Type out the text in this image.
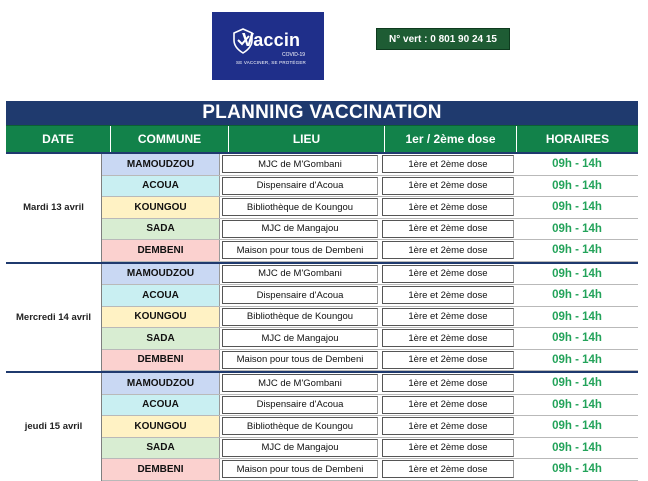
Vaccin
COVID-19
SE VACCINER, SE PROTÉGER
N° vert : 0 801 90 24 15
PLANNING VACCINATION
DATE	COMMUNE	LIEU	1er / 2ème dose	HORAIRES
Mardi 13 avril
MAMOUDZOU	MJC de M'Gombani	1ère et 2ème dose	09h - 14h
ACOUA	Dispensaire d'Acoua	1ère et 2ème dose	09h - 14h
KOUNGOU	Bibliothèque de Koungou	1ère et 2ème dose	09h - 14h
SADA	MJC de Mangajou	1ère et 2ème dose	09h - 14h
DEMBENI	Maison pour tous de Dembeni	1ère et 2ème dose	09h - 14h
Mercredi 14 avril
MAMOUDZOU	MJC de M'Gombani	1ère et 2ème dose	09h - 14h
ACOUA	Dispensaire d'Acoua	1ère et 2ème dose	09h - 14h
KOUNGOU	Bibliothèque de Koungou	1ère et 2ème dose	09h - 14h
SADA	MJC de Mangajou	1ère et 2ème dose	09h - 14h
DEMBENI	Maison pour tous de Dembeni	1ère et 2ème dose	09h - 14h
jeudi 15 avril
MAMOUDZOU	MJC de M'Gombani	1ère et 2ème dose	09h - 14h
ACOUA	Dispensaire d'Acoua	1ère et 2ème dose	09h - 14h
KOUNGOU	Bibliothèque de Koungou	1ère et 2ème dose	09h - 14h
SADA	MJC de Mangajou	1ère et 2ème dose	09h - 14h
DEMBENI	Maison pour tous de Dembeni	1ère et 2ème dose	09h - 14h
